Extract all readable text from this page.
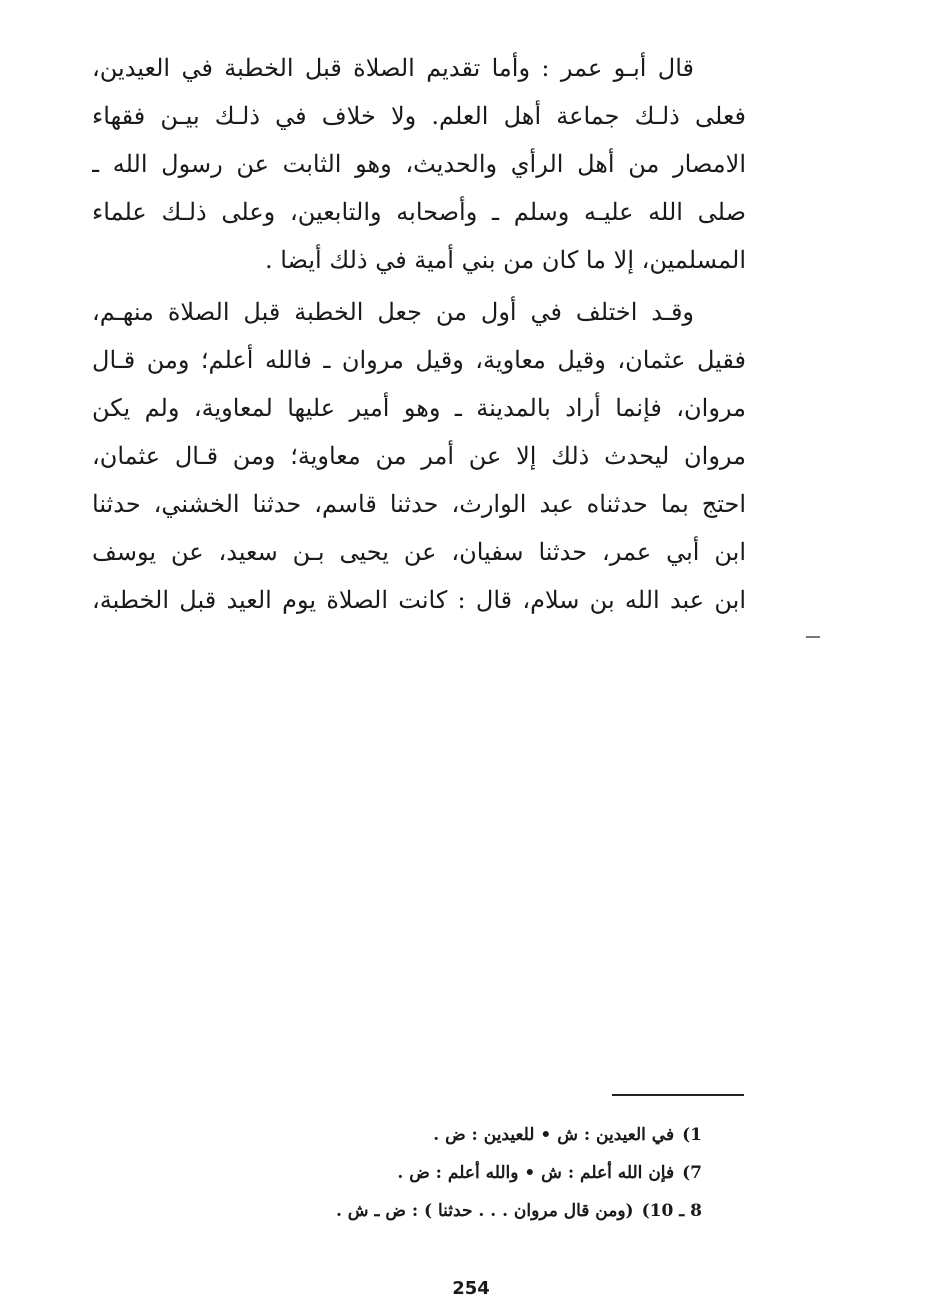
قال أبـو عمر : وأما تقديم الصلاة قبل الخطبة في العيدين،
فعلى ذلـك جماعة أهل العلم. ولا خلاف في ذلـك بيـن فقهاء
الامصار من أهل الرأي والحديث، وهو الثابت عن رسول الله ـ
صلى الله عليـه وسلم ـ وأصحابه والتابعين، وعلى ذلـك علماء
المسلمين، إلا ما كان من بني أمية في ذلك أيضا .

وقـد اختلف في أول من جعل الخطبة قبل الصلاة منهـم،
فقيل عثمان، وقيل معاوية، وقيل مروان ـ فالله أعلم؛ ومن قـال
مروان، فإنما أراد بالمدينة ـ وهو أمير عليها لمعاوية، ولم يكن
مروان ليحدث ذلك إلا عن أمر من معاوية؛ ومن قـال عثمان،
احتج بما حدثناه عبد الوارث، حدثنا قاسم، حدثنا الخشني، حدثنا
ابن أبي عمر، حدثنا سفيان، عن يحيى بـن سعيد، عن يوسف
ابن عبد الله بن سلام، قال : كانت الصلاة يوم العيد قبل الخطبة،

1)في العيدين : ش • للعيدين : ض .
7)فإن الله أعلم : ش • والله أعلم : ض .
8 ـ 10)(ومن قال مروان . . . حدثنا ) : ض ـ ش .
254
